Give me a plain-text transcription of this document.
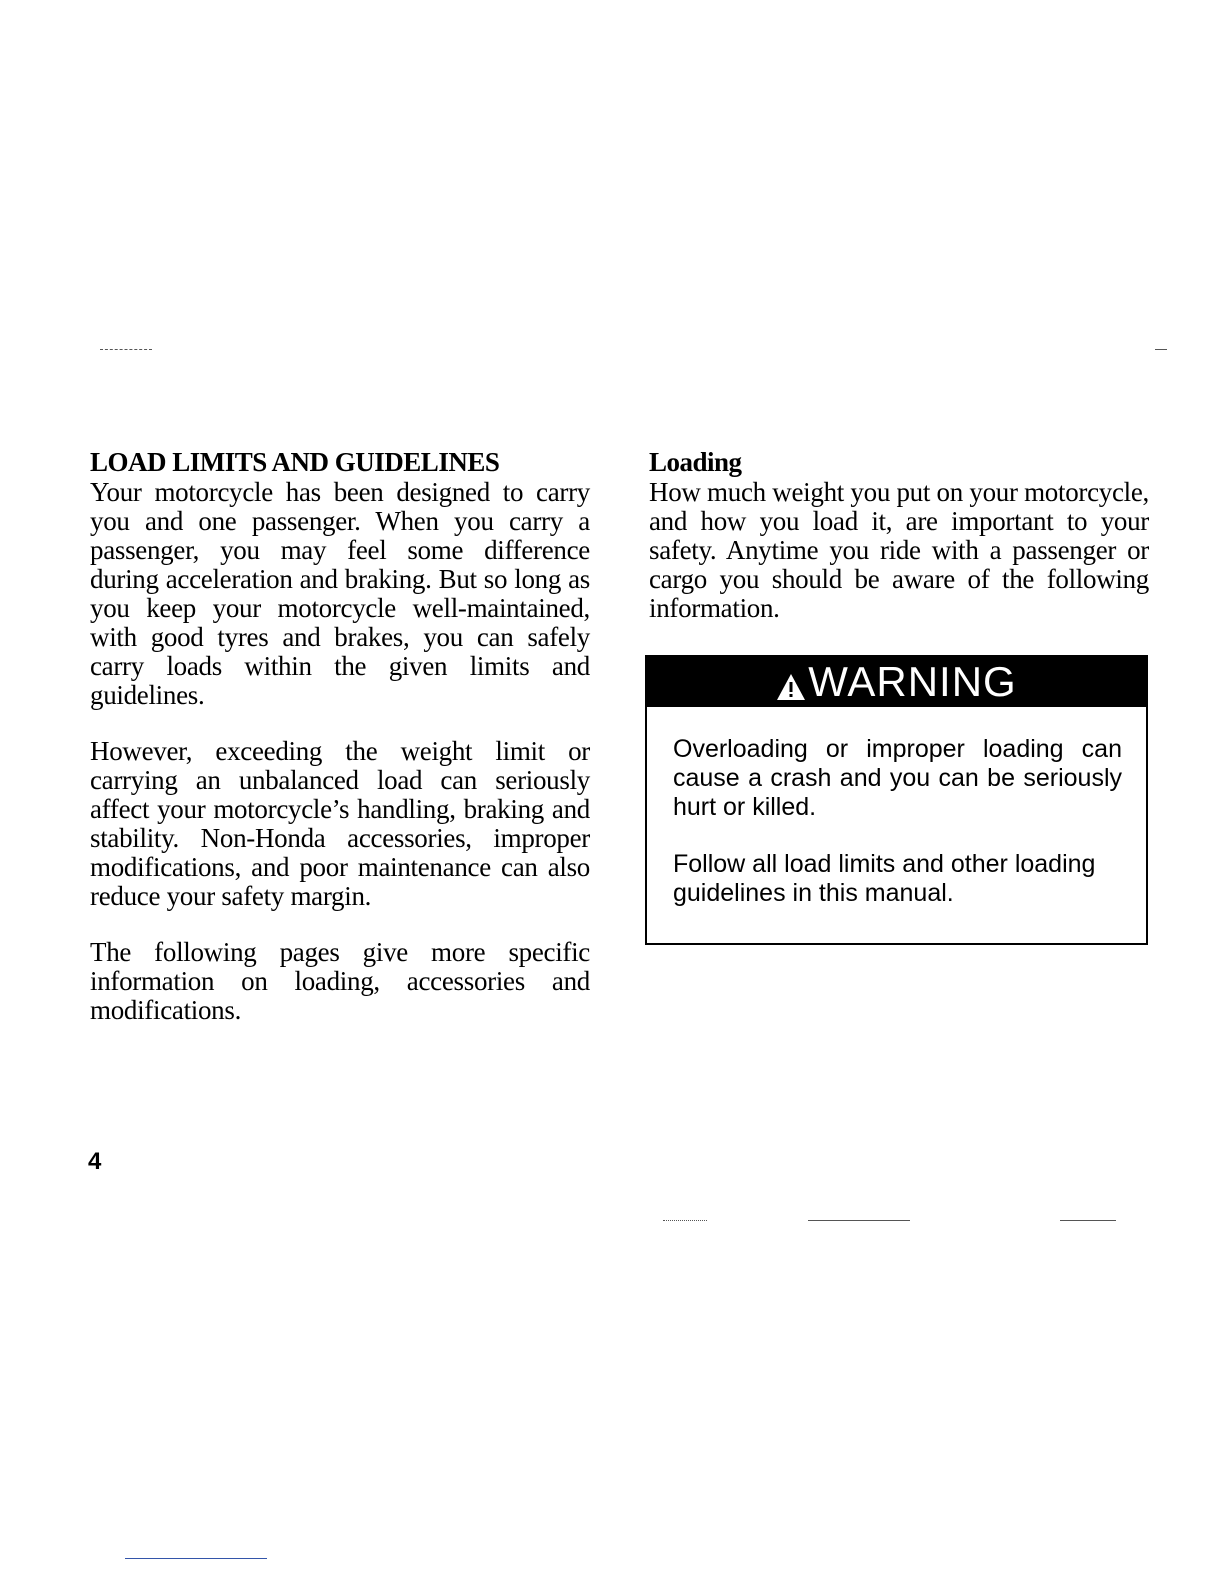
LOAD LIMITS AND GUIDELINES

Your motorcycle has been designed to carry you and one passenger. When you carry a passenger, you may feel some difference during acceleration and braking. But so long as you keep your motorcycle well-maintained, with good tyres and brakes, you can safely carry loads within the given limits and guidelines.

However, exceeding the weight limit or carrying an unbalanced load can seriously affect your motorcycle’s handling, braking and stability. Non-Honda accessories, improper modifications, and poor maintenance can also reduce your safety margin.

The following pages give more specific information on loading, accessories and modifications.

Loading

How much weight you put on your motorcycle, and how you load it, are important to your safety. Anytime you ride with a passenger or cargo you should be aware of the following information.

WARNING

Overloading or improper loading can cause a crash and you can be seriously hurt or killed.

Follow all load limits and other loading guidelines in this manual.

4
